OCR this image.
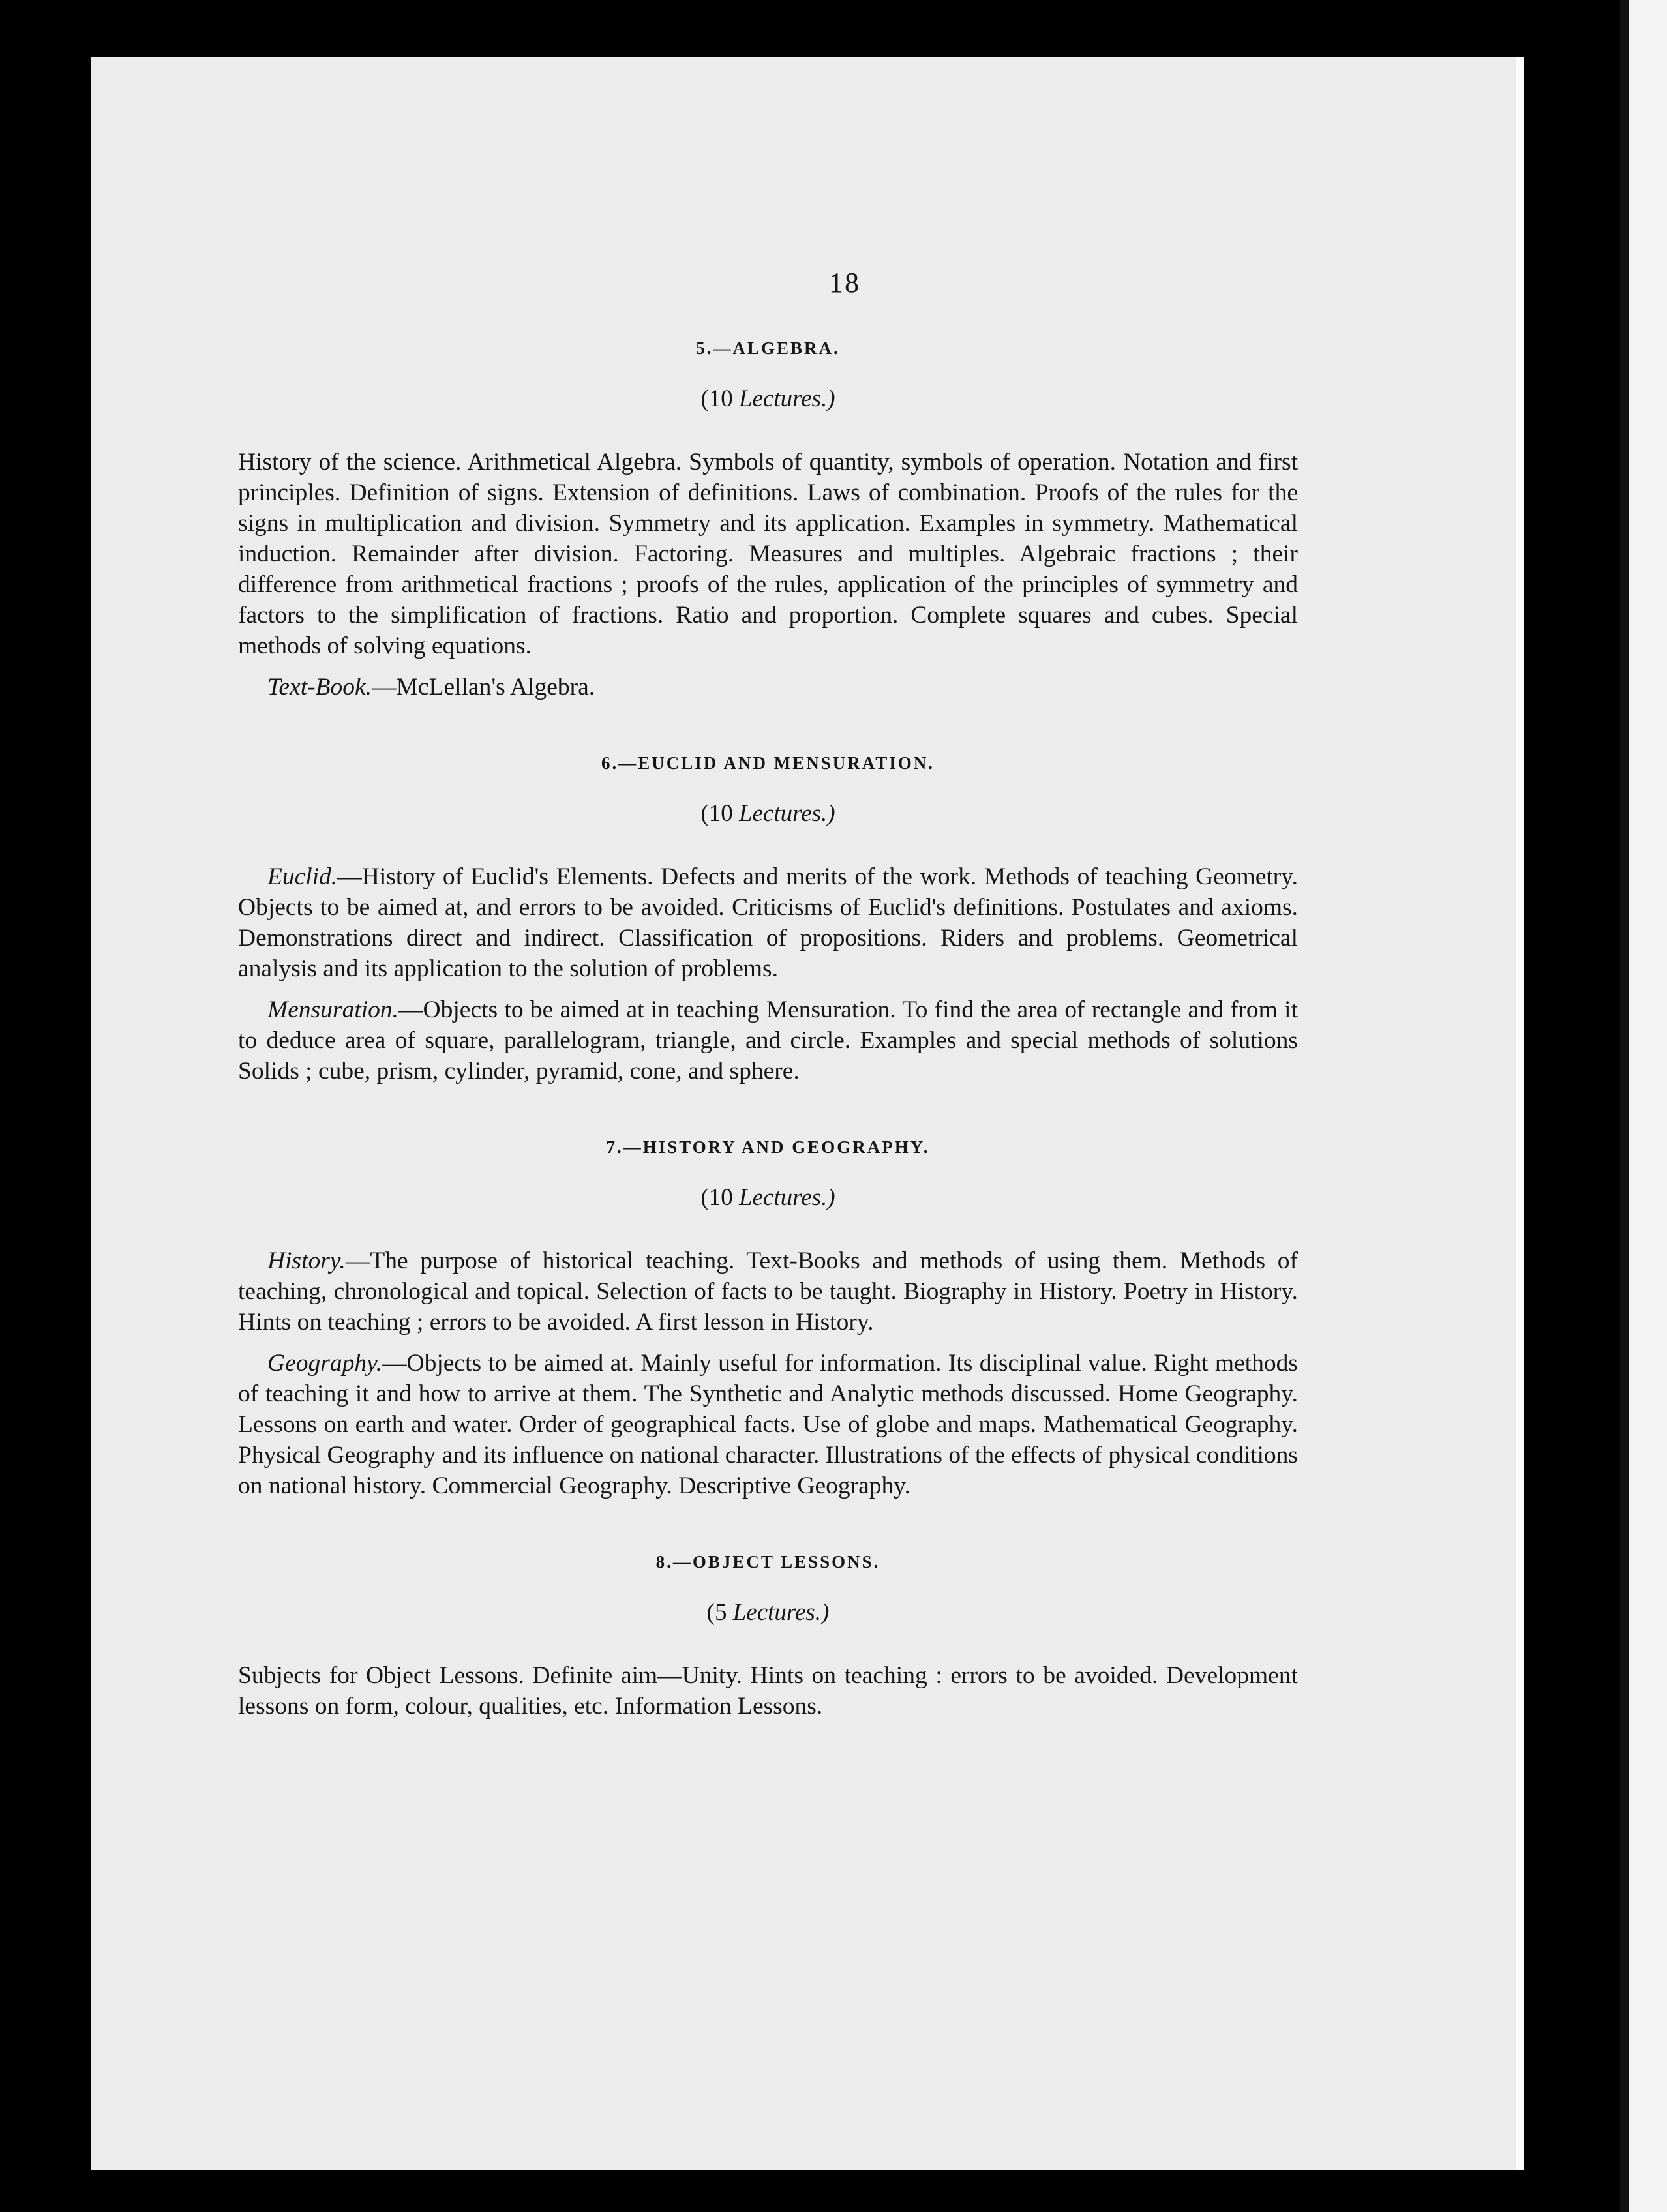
18
5.—ALGEBRA.
(10 Lectures.)

History of the science. Arithmetical Algebra. Symbols of quantity, symbols of operation. Notation and first principles. Definition of signs. Extension of definitions. Laws of combination. Proofs of the rules for the signs in multiplication and division. Symmetry and its application. Examples in symmetry. Mathematical induction. Remainder after division. Factoring. Measures and multiples. Algebraic fractions ; their difference from arithmetical fractions ; proofs of the rules, application of the principles of symmetry and factors to the simplification of fractions. Ratio and proportion. Complete squares and cubes. Special methods of solving equations.

Text-Book.—McLellan's Algebra.

6.—EUCLID AND MENSURATION.
(10 Lectures.)

Euclid.—History of Euclid's Elements. Defects and merits of the work. Methods of teaching Geometry. Objects to be aimed at, and errors to be avoided. Criticisms of Euclid's definitions. Postulates and axioms. Demonstrations direct and indirect. Classification of propositions. Riders and problems. Geometrical analysis and its application to the solution of problems.

Mensuration.—Objects to be aimed at in teaching Mensuration. To find the area of rectangle and from it to deduce area of square, parallelogram, triangle, and circle. Examples and special methods of solutions Solids ; cube, prism, cylinder, pyramid, cone, and sphere.

7.—HISTORY AND GEOGRAPHY.
(10 Lectures.)

History.—The purpose of historical teaching. Text-Books and methods of using them. Methods of teaching, chronological and topical. Selection of facts to be taught. Biography in History. Poetry in History. Hints on teaching ; errors to be avoided. A first lesson in History.

Geography.—Objects to be aimed at. Mainly useful for information. Its disciplinal value. Right methods of teaching it and how to arrive at them. The Synthetic and Analytic methods discussed. Home Geography. Lessons on earth and water. Order of geographical facts. Use of globe and maps. Mathematical Geography. Physical Geography and its influence on national character. Illustrations of the effects of physical conditions on national history. Commercial Geography. Descriptive Geography.

8.—OBJECT LESSONS.
(5 Lectures.)

Subjects for Object Lessons. Definite aim—Unity. Hints on teaching : errors to be avoided. Development lessons on form, colour, qualities, etc. Information Lessons.
